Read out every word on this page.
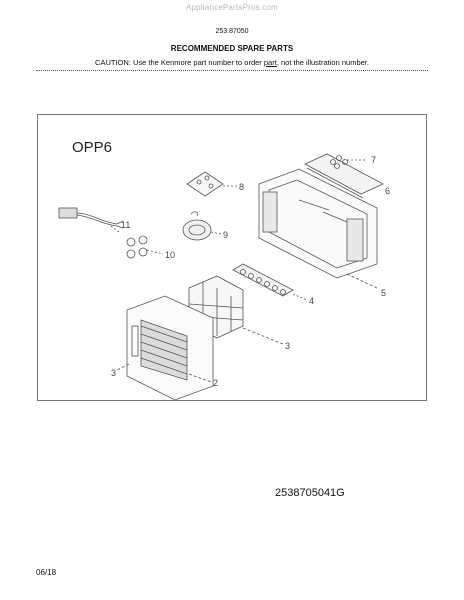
AppliancePartsPros.com
253.87050
RECOMMENDED SPARE PARTS
CAUTION: Use the Kenmore part number to order part, not the illustration number.
7
6
8
5
11
9
10
4
3
2
3
OPP6
2538705041G
06/18
